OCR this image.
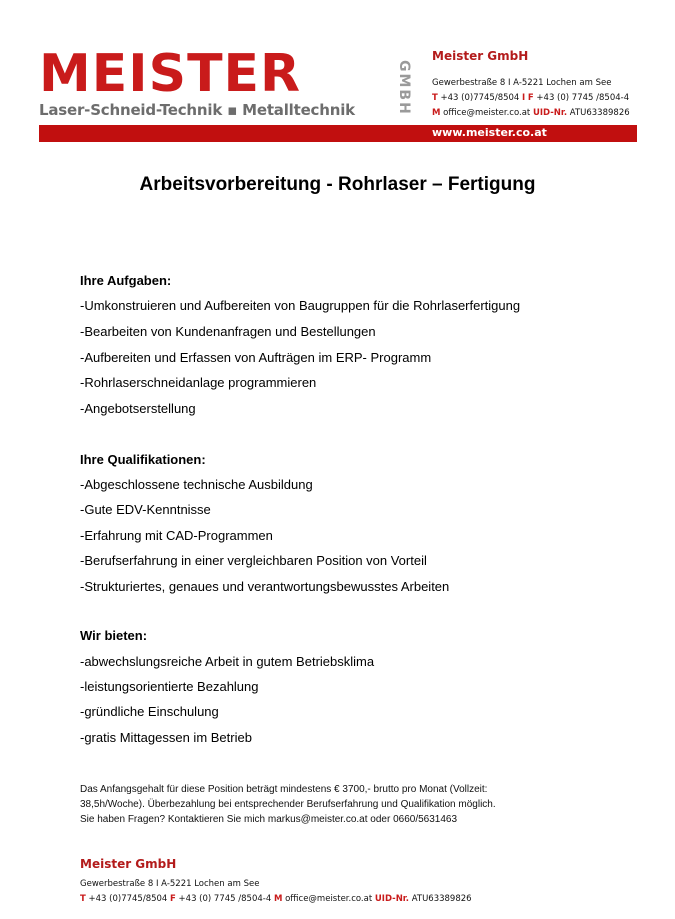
MEISTER	GMBH
Laser-Schneid-Technik ▪ Metalltechnik
Meister GmbH
Gewerbestraße 8 I A-5221 Lochen am See
T +43 (0)7745/8504 I F +43 (0) 7745 /8504-4
M office@meister.co.at UID-Nr. ATU63389826
www.meister.co.at
Arbeitsvorbereitung - Rohrlaser – Fertigung
Ihre Aufgaben:
-Umkonstruieren und Aufbereiten von Baugruppen für die Rohrlaserfertigung
-Bearbeiten von Kundenanfragen und Bestellungen
-Aufbereiten und Erfassen von Aufträgen im ERP- Programm
-Rohrlaserschneidanlage programmieren
-Angebotserstellung
Ihre Qualifikationen:
-Abgeschlossene technische Ausbildung
-Gute EDV-Kenntnisse
-Erfahrung mit CAD-Programmen
-Berufserfahrung in einer vergleichbaren Position von Vorteil
-Strukturiertes, genaues und verantwortungsbewusstes Arbeiten
Wir bieten:
-abwechslungsreiche Arbeit in gutem Betriebsklima
-leistungsorientierte Bezahlung
-gründliche Einschulung
-gratis Mittagessen im Betrieb
Das Anfangsgehalt für diese Position beträgt mindestens € 3700,- brutto pro Monat (Vollzeit:
38,5h/Woche). Überbezahlung bei entsprechender Berufserfahrung und Qualifikation möglich.
Sie haben Fragen? Kontaktieren Sie mich markus@meister.co.at oder 0660/5631463
Meister GmbH
Gewerbestraße 8 I A-5221 Lochen am See
T +43 (0)7745/8504 F +43 (0) 7745 /8504-4 M office@meister.co.at UID-Nr. ATU63389826
